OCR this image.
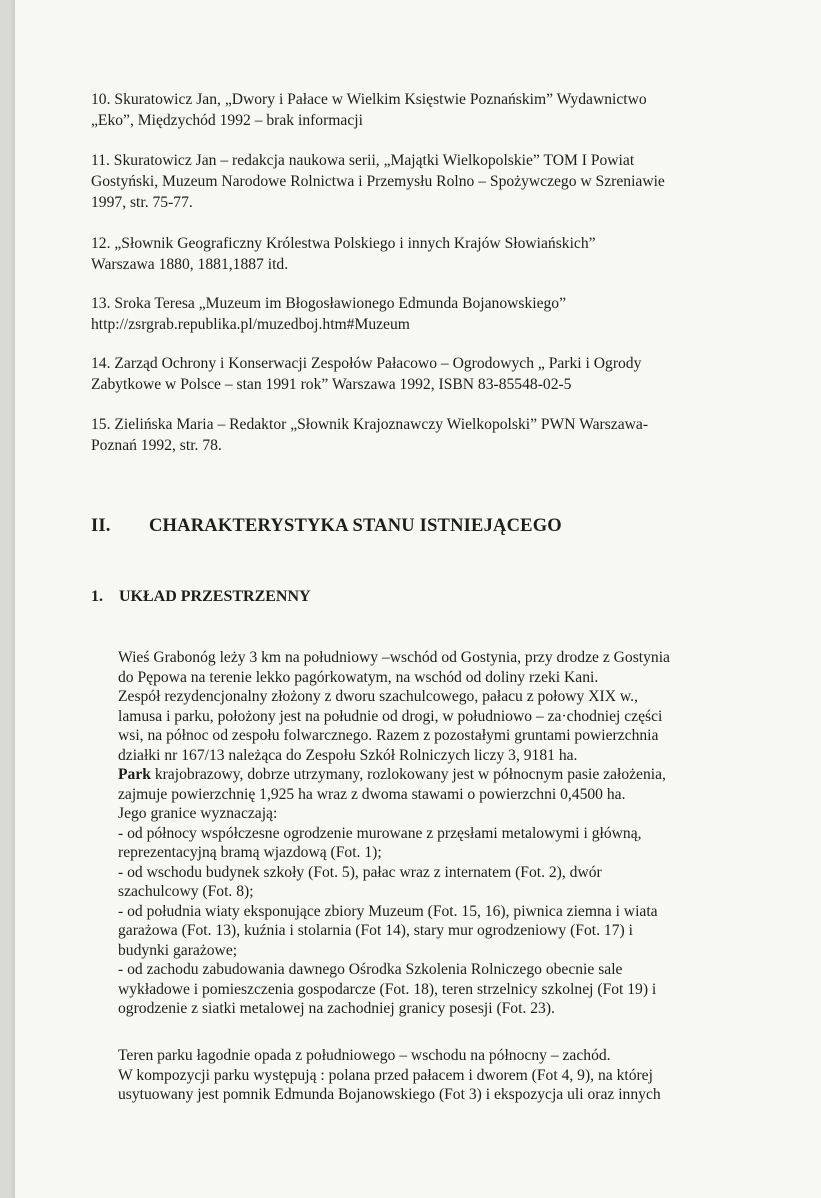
10. Skuratowicz Jan, „Dwory i Pałace w Wielkim Księstwie Poznańskim” Wydawnictwo
„Eko”, Międzychód 1992 – brak informacji
11. Skuratowicz Jan – redakcja naukowa serii, „Majątki Wielkopolskie” TOM I Powiat
Gostyński, Muzeum Narodowe Rolnictwa i Przemysłu Rolno – Spożywczego w Szreniawie
1997, str. 75-77.
12. „Słownik Geograficzny Królestwa Polskiego i innych Krajów Słowiańskich”
Warszawa 1880, 1881,1887 itd.
13. Sroka Teresa „Muzeum im Błogosławionego Edmunda Bojanowskiego”
http://zsrgrab.republika.pl/muzedboj.htm#Muzeum
14. Zarząd Ochrony i Konserwacji Zespołów Pałacowo – Ogrodowych „ Parki i Ogrody
Zabytkowe w Polsce – stan 1991 rok” Warszawa 1992, ISBN 83-85548-02-5
15. Zielińska Maria – Redaktor „Słownik Krajoznawczy Wielkopolski” PWN Warszawa-
Poznań 1992, str. 78.
II. CHARAKTERYSTYKA STANU ISTNIEJĄCEGO
1. UKŁAD PRZESTRZENNY
Wieś Grabonóg leży 3 km na południowy –wschód od Gostynia, przy drodze z Gostynia
do Pępowa na terenie lekko pagórkowatym, na wschód od doliny rzeki Kani.
Zespół rezydencjonalny złożony z dworu szachulcowego, pałacu z połowy XIX w.,
lamusa i parku, położony jest na południe od drogi, w południowo – za·chodniej części
wsi, na północ od zespołu folwarcznego. Razem z pozostałymi gruntami powierzchnia
działki nr 167/13 należąca do Zespołu Szkół Rolniczych liczy 3, 9181 ha.
Park krajobrazowy, dobrze utrzymany, rozlokowany jest w północnym pasie założenia,
zajmuje powierzchnię 1,925 ha wraz z dwoma stawami o powierzchni 0,4500 ha.
Jego granice wyznaczają:
- od północy współczesne ogrodzenie murowane z przęsłami metalowymi i główną,
reprezentacyjną bramą wjazdową (Fot. 1);
- od wschodu budynek szkoły (Fot. 5), pałac wraz z internatem (Fot. 2), dwór
szachulcowy (Fot. 8);
- od południa wiaty eksponujące zbiory Muzeum (Fot. 15, 16), piwnica ziemna i wiata
garażowa (Fot. 13), kuźnia i stolarnia (Fot 14), stary mur ogrodzeniowy (Fot. 17) i
budynki garażowe;
- od zachodu zabudowania dawnego Ośrodka Szkolenia Rolniczego obecnie sale
wykładowe i pomieszczenia gospodarcze (Fot. 18), teren strzelnicy szkolnej (Fot 19) i
ogrodzenie z siatki metalowej na zachodniej granicy posesji (Fot. 23).
Teren parku łagodnie opada z południowego – wschodu na północny – zachód.
W kompozycji parku występują : polana przed pałacem i dworem (Fot 4, 9), na której
usytuowany jest pomnik Edmunda Bojanowskiego (Fot 3) i ekspozycja uli oraz innych
